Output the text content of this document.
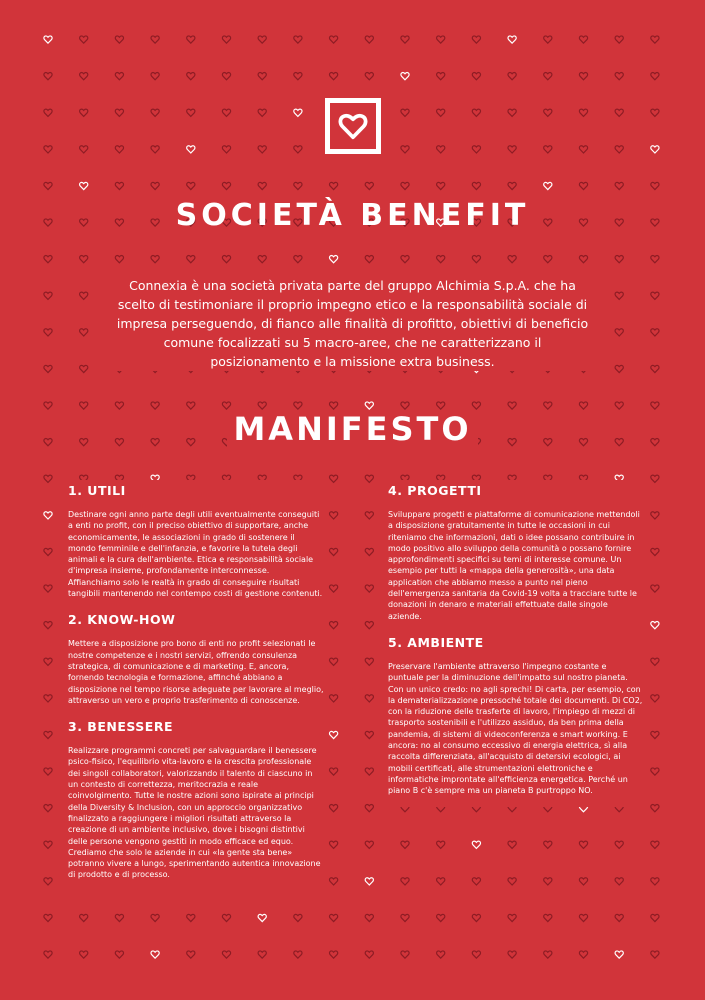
SOCIETÀ BENEFIT

Connexia è una società privata parte del gruppo Alchimia S.p.A. che ha scelto di testimoniare il proprio impegno etico e la responsabilità sociale di impresa perseguendo, di fianco alle finalità di profitto, obiettivi di beneficio comune focalizzati su 5 macro-aree, che ne caratterizzano il posizionamento e la missione extra business.

MANIFESTO
1. UTILI

Destinare ogni anno parte degli utili eventualmente conseguiti a enti no profit, con il preciso obiettivo di supportare, anche economicamente, le associazioni in grado di sostenere il mondo femminile e dell'infanzia, e favorire la tutela degli animali e la cura dell'ambiente. Etica e responsabilità sociale d'impresa insieme, profondamente interconnesse. Affianchiamo solo le realtà in grado di conseguire risultati tangibili mantenendo nel contempo costi di gestione contenuti.

2. KNOW-HOW

Mettere a disposizione pro bono di enti no profit selezionati le nostre competenze e i nostri servizi, offrendo consulenza strategica, di comunicazione e di marketing. E, ancora, fornendo tecnologia e formazione, affinché abbiano a disposizione nel tempo risorse adeguate per lavorare al meglio, attraverso un vero e proprio trasferimento di conoscenze.

3. BENESSERE

Realizzare programmi concreti per salvaguardare il benessere psico-fisico, l'equilibrio vita-lavoro e la crescita professionale dei singoli collaboratori, valorizzando il talento di ciascuno in un contesto di correttezza, meritocrazia e reale coinvolgimento. Tutte le nostre azioni sono ispirate ai principi della Diversity & Inclusion, con un approccio organizzativo finalizzato a raggiungere i migliori risultati attraverso la creazione di un ambiente inclusivo, dove i bisogni distintivi delle persone vengono gestiti in modo efficace ed equo. Crediamo che solo le aziende in cui «la gente sta bene» potranno vivere a lungo, sperimentando autentica innovazione di prodotto e di processo.

4. PROGETTI

Sviluppare progetti e piattaforme di comunicazione mettendoli a disposizione gratuitamente in tutte le occasioni in cui riteniamo che informazioni, dati o idee possano contribuire in modo positivo allo sviluppo della comunità o possano fornire approfondimenti specifici su temi di interesse comune. Un esempio per tutti la «mappa della generosità», una data application che abbiamo messo a punto nel pieno dell'emergenza sanitaria da Covid-19 volta a tracciare tutte le donazioni in denaro e materiali effettuate dalle singole aziende.

5. AMBIENTE

Preservare l'ambiente attraverso l'impegno costante e puntuale per la diminuzione dell'impatto sul nostro pianeta. Con un unico credo: no agli sprechi! Di carta, per esempio, con la dematerializzazione pressoché totale dei documenti. Di CO2, con la riduzione delle trasferte di lavoro, l'impiego di mezzi di trasporto sostenibili e l'utilizzo assiduo, da ben prima della pandemia, di sistemi di videoconferenza e smart working. E ancora: no al consumo eccessivo di energia elettrica, sì alla raccolta differenziata, all'acquisto di detersivi ecologici, ai mobili certificati, alle strumentazioni elettroniche e informatiche improntate all'efficienza energetica. Perché un piano B c'è sempre ma un pianeta B purtroppo NO.
